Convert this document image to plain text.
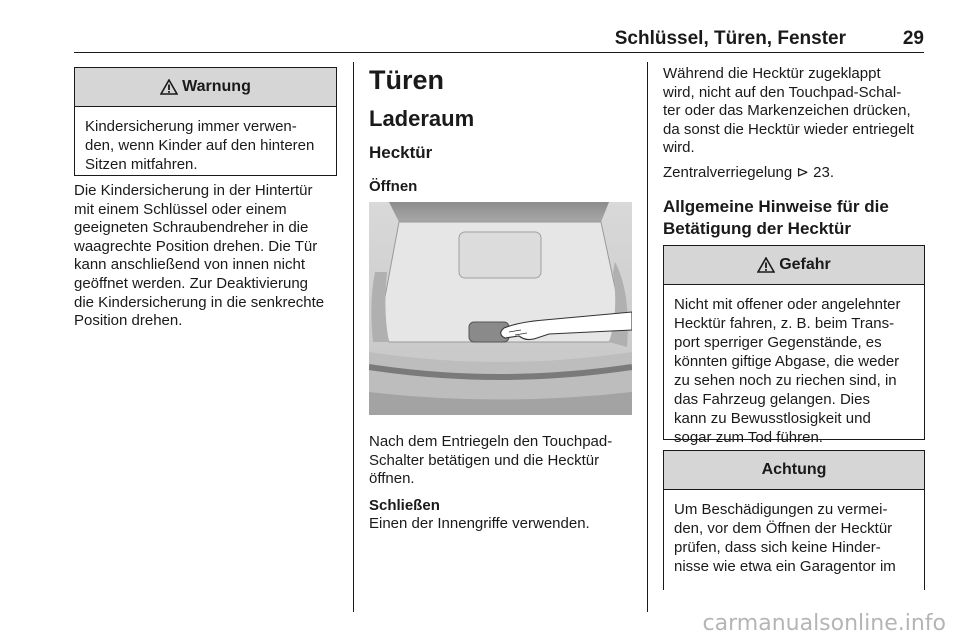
Schlüssel, Türen, Fenster	29
Warnung
Kindersicherung immer verwen-
den, wenn Kinder auf den hinteren
Sitzen mitfahren.
Die Kindersicherung in der Hintertür
mit einem Schlüssel oder einem
geeigneten Schraubendreher in die
waagrechte Position drehen. Die Tür
kann anschließend von innen nicht
geöffnet werden. Zur Deaktivierung
die Kindersicherung in die senkrechte
Position drehen.
Türen
Laderaum
Hecktür
Öffnen
Nach dem Entriegeln den Touchpad-
Schalter betätigen und die Hecktür
öffnen.
Schließen
Einen der Innengriffe verwenden.
Während die Hecktür zugeklappt
wird, nicht auf den Touchpad-Schal-
ter oder das Markenzeichen drücken,
da sonst die Hecktür wieder entriegelt
wird.
Zentralverriegelung ⊳ 23.
Allgemeine Hinweise für die
Betätigung der Hecktür
Gefahr
Nicht mit offener oder angelehnter
Hecktür fahren, z. B. beim Trans-
port sperriger Gegenstände, es
könnten giftige Abgase, die weder
zu sehen noch zu riechen sind, in
das Fahrzeug gelangen. Dies
kann zu Bewusstlosigkeit und
sogar zum Tod führen.
Achtung
Um Beschädigungen zu vermei-
den, vor dem Öffnen der Hecktür
prüfen, dass sich keine Hinder-
nisse wie etwa ein Garagentor im
carmanualsonline.info
